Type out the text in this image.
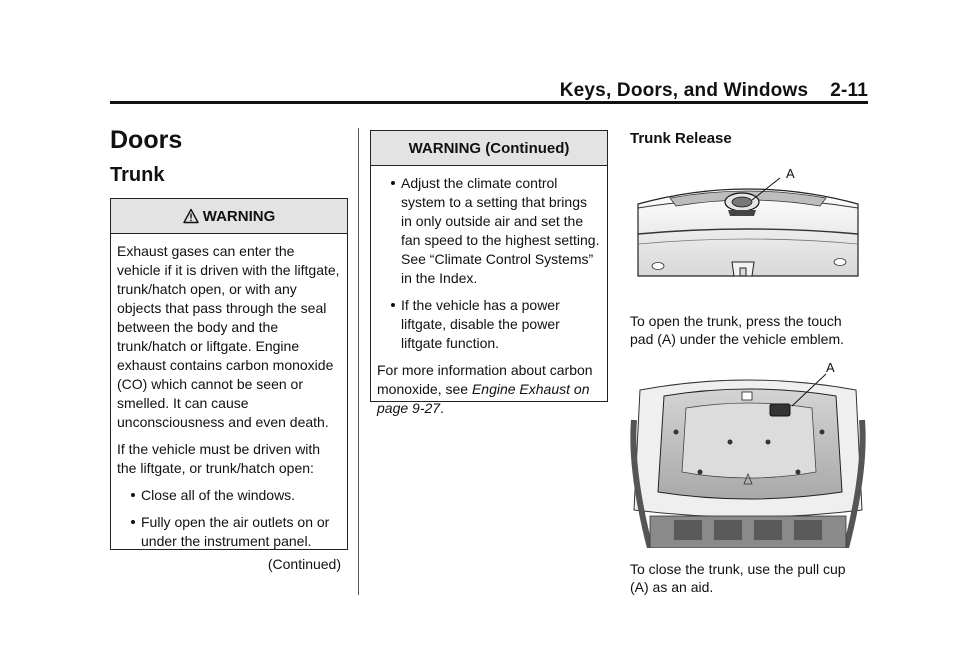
Keys, Doors, and Windows 2-11
Doors
Trunk
WARNING

Exhaust gases can enter the vehicle if it is driven with the liftgate, trunk/hatch open, or with any objects that pass through the seal between the body and the trunk/hatch or liftgate. Engine exhaust contains carbon monoxide (CO) which cannot be seen or smelled. It can cause unconsciousness and even death.

If the vehicle must be driven with the liftgate, or trunk/hatch open:

Close all of the windows.
Fully open the air outlets on or under the instrument panel.
(Continued)
WARNING (Continued)
Adjust the climate control system to a setting that brings in only outside air and set the fan speed to the highest setting. See “Climate Control Systems” in the Index.
If the vehicle has a power liftgate, disable the power liftgate function.

For more information about carbon monoxide, see Engine Exhaust on page 9-27.

Trunk Release
A
To open the trunk, press the touch pad (A) under the vehicle emblem.
A
To close the trunk, use the pull cup (A) as an aid.
